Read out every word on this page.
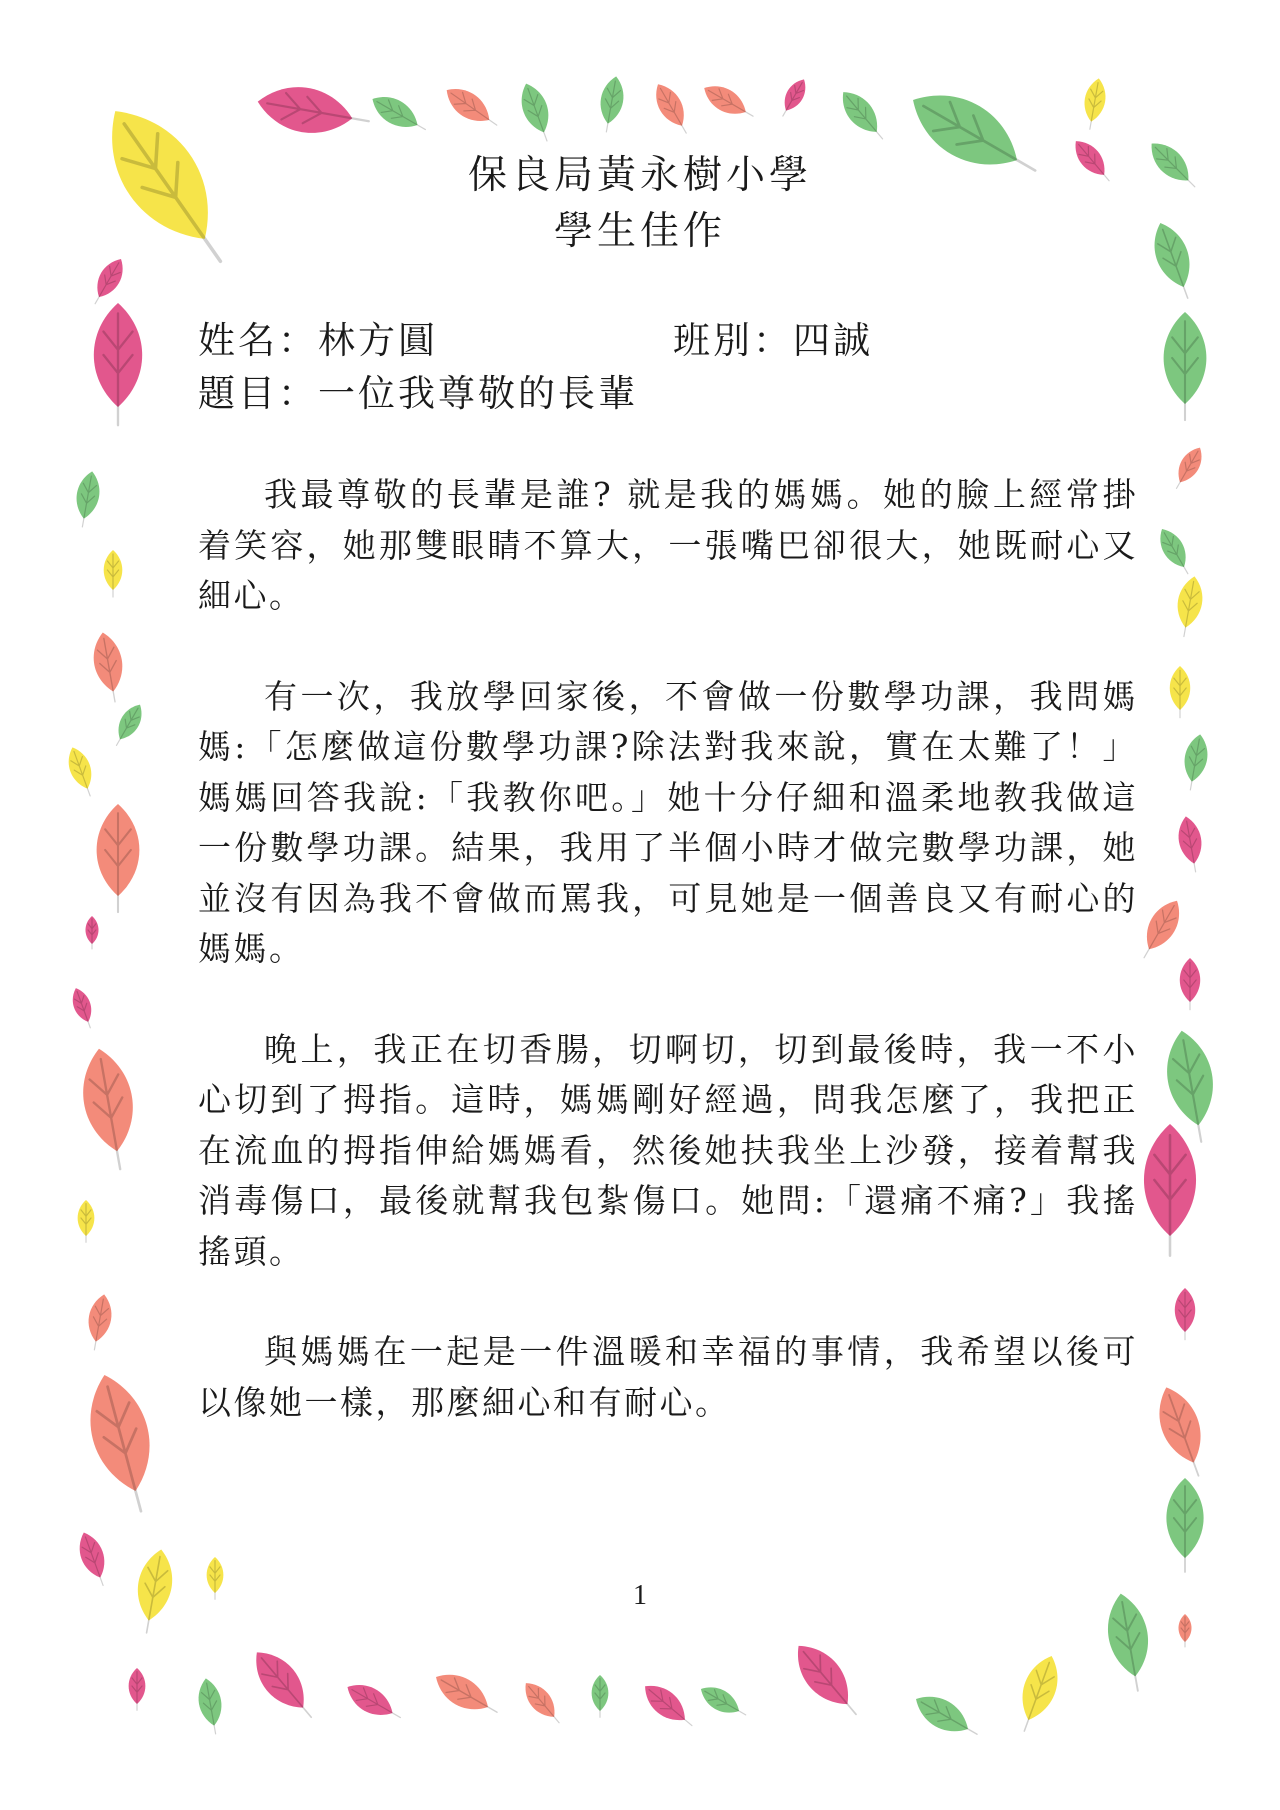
保良局黃永樹小學
學生佳作
姓名：林方圓	班別：四誠
題目：一位我尊敬的長輩

我最尊敬的長輩是誰? 就是我的媽媽。她的臉上經常掛着笑容，她那雙眼睛不算大，一張嘴巴卻很大，她既耐心又細心。

有一次，我放學回家後，不會做一份數學功課，我問媽媽:「怎麼做這份數學功課?除法對我來說，實在太難了！」媽媽回答我說:「我教你吧。」她十分仔細和溫柔地教我做這一份數學功課。結果，我用了半個小時才做完數學功課，她並沒有因為我不會做而罵我，可見她是一個善良又有耐心的媽媽。

晚上，我正在切香腸，切啊切，切到最後時，我一不小心切到了拇指。這時，媽媽剛好經過，問我怎麼了，我把正在流血的拇指伸給媽媽看，然後她扶我坐上沙發，接着幫我消毒傷口，最後就幫我包紮傷口。她問:「還痛不痛?」我搖搖頭。

與媽媽在一起是一件溫暖和幸福的事情，我希望以後可以像她一樣，那麼細心和有耐心。

1
